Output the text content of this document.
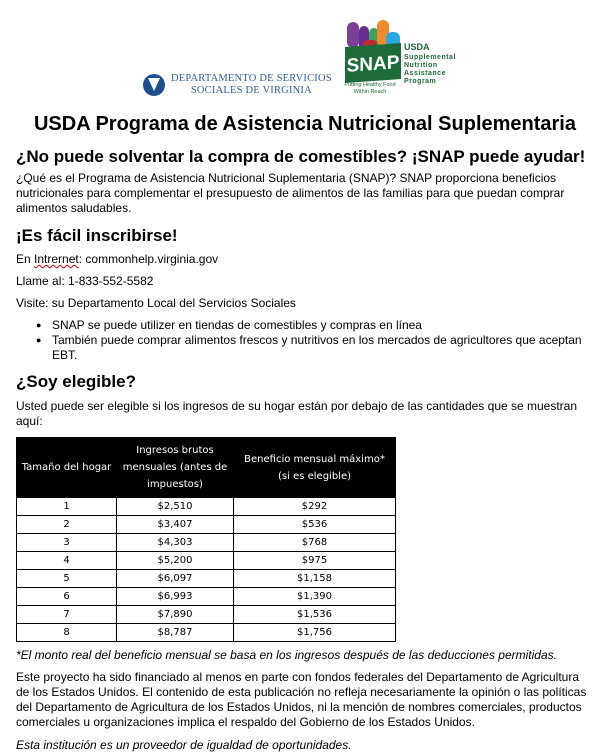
DEPARTAMENTO DE SERVICIOS
SOCIALES DE VIRGINIA
SNAP
USDA
Supplemental
Nutrition
Assistance
Program
Putting Healthy Food Within Reach
USDA Programa de Asistencia Nutricional Suplementaria
¿No puede solventar la compra de comestibles? ¡SNAP puede ayudar!

¿Qué es el Programa de Asistencia Nutricional Suplementaria (SNAP)? SNAP proporciona beneficios nutricionales para complementar el presupuesto de alimentos de las familias para que puedan comprar alimentos saludables.

¡Es fácil inscribirse!

En Intrernet: commonhelp.virginia.gov

Llame al: 1-833-552-5582

Visite: su Departamento Local del Servicios Sociales

● SNAP se puede utilizer en tiendas de comestibles y compras en línea
● También puede comprar alimentos frescos y nutritivos en los mercados de agricultores que aceptan EBT.
¿Soy elegible?

Usted puede ser elegible si los ingresos de su hogar están por debajo de las cantidades que se muestran aquí:

Tamaño del hogar	Ingresos brutos mensuales (antes de impuestos)	Beneficio mensual máximo* (si es elegible)
1	$2,510	$292
2	$3,407	$536
3	$4,303	$768
4	$5,200	$975
5	$6,097	$1,158
6	$6,993	$1,390
7	$7,890	$1,536
8	$8,787	$1,756

*El monto real del beneficio mensual se basa en los ingresos después de las deducciones permitidas.

Este proyecto ha sido financiado al menos en parte con fondos federales del Departamento de Agricultura de los Estados Unidos. El contenido de esta publicación no refleja necesariamente la opinión o las políticas del Departamento de Agricultura de los Estados Unidos, ni la mención de nombres comerciales, productos comerciales u organizaciones implica el respaldo del Gobierno de los Estados Unidos.

Esta institución es un proveedor de igualdad de oportunidades.
